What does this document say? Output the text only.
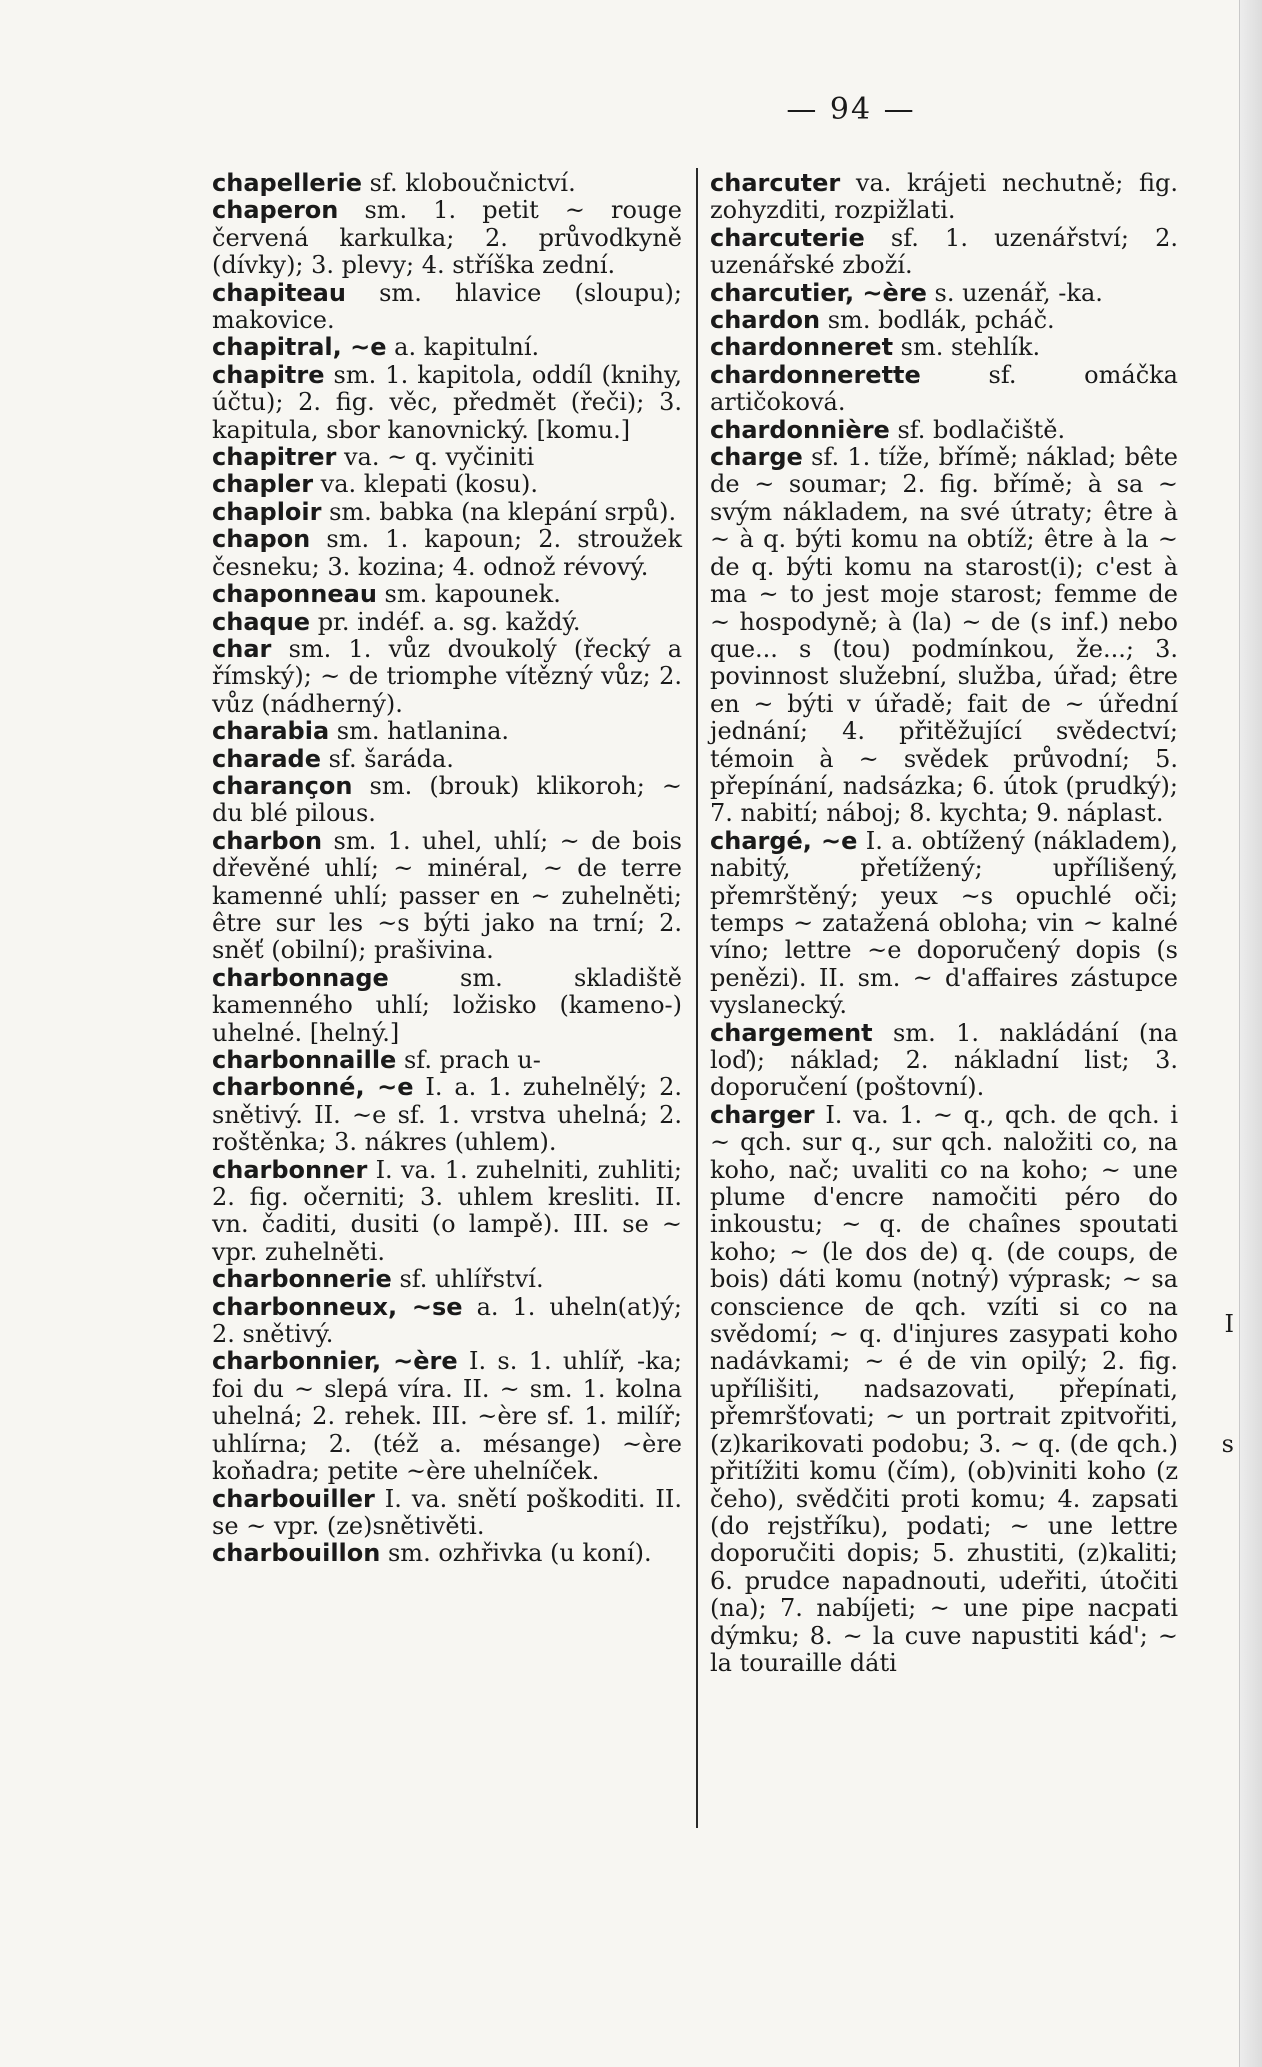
— 94 —

chapellerie sf. kloboučnictví.

chaperon sm. 1. petit ~ rouge červená karkulka; 2. průvodkyně (dívky); 3. plevy; 4. stříška zední.

chapiteau sm. hlavice (sloupu); makovice.

chapitral, ~e a. kapitulní.

chapitre sm. 1. kapitola, oddíl (knihy, účtu); 2. fig. věc, předmět (řeči); 3. kapitula, sbor kanovnický. [komu.]

chapitrer va. ~ q. vyčiniti

chapler va. klepati (kosu).

chaploir sm. babka (na klepání srpů).

chapon sm. 1. kapoun; 2. stroužek česneku; 3. kozina; 4. odnož révový.

chaponneau sm. kapounek.

chaque pr. indéf. a. sg. každý.

char sm. 1. vůz dvoukolý (řecký a římský); ~ de triomphe vítězný vůz; 2. vůz (nádherný).

charabia sm. hatlanina.

charade sf. šaráda.

charançon sm. (brouk) klikoroh; ~ du blé pilous.

charbon sm. 1. uhel, uhlí; ~ de bois dřevěné uhlí; ~ minéral, ~ de terre kamenné uhlí; passer en ~ zuhelněti; être sur les ~s býti jako na trní; 2. sněť (obilní); prašivina.

charbonnage sm. skladiště kamenného uhlí; ložisko (kameno-) uhelné. [helný.]

charbonnaille sf. prach u-

charbonné, ~e I. a. 1. zuhelnělý; 2. snětivý. II. ~e sf. 1. vrstva uhelná; 2. roštěnka; 3. nákres (uhlem).

charbonner I. va. 1. zuhelniti, zuhliti; 2. fig. očerniti; 3. uhlem kresliti. II. vn. čaditi, dusiti (o lampě). III. se ~ vpr. zuhelněti.

charbonnerie sf. uhlířství.

charbonneux, ~se a. 1. uheln(at)ý; 2. snětivý.

charbonnier, ~ère I. s. 1. uhlíř, -ka; foi du ~ slepá víra. II. ~ sm. 1. kolna uhelná; 2. rehek. III. ~ère sf. 1. milíř; uhlírna; 2. (též a. mésange) ~ère koňadra; petite ~ère uhelníček.

charbouiller I. va. snětí poškoditi. II. se ~ vpr. (ze)snětivěti.

charbouillon sm. ozhřivka (u koní).

charcuter va. krájeti nechutně; fig. zohyzditi, rozpižlati.

charcuterie sf. 1. uzenářství; 2. uzenářské zboží.

charcutier, ~ère s. uzenář, -ka.

chardon sm. bodlák, pcháč.

chardonneret sm. stehlík.

chardonnerette sf. omáčka artičoková.

chardonnière sf. bodlačiště.

charge sf. 1. tíže, břímě; náklad; bête de ~ soumar; 2. fig. břímě; à sa ~ svým nákladem, na své útraty; être à ~ à q. býti komu na obtíž; être à la ~ de q. býti komu na starost(i); c'est à ma ~ to jest moje starost; femme de ~ hospodyně; à (la) ~ de (s inf.) nebo que... s (tou) podmínkou, že...; 3. povinnost služební, služba, úřad; être en ~ býti v úřadě; fait de ~ úřední jednání; 4. přitěžující svědectví; témoin à ~ svědek průvodní; 5. přepínání, nadsázka; 6. útok (prudký); 7. nabití; náboj; 8. kychta; 9. náplast.

chargé, ~e I. a. obtížený (nákladem), nabitý, přetížený; upřílišený, přemrštěný; yeux ~s opuchlé oči; temps ~ zatažená obloha; vin ~ kalné víno; lettre ~e doporučený dopis (s penězi). II. sm. ~ d'affaires zástupce vyslanecký.

chargement sm. 1. nakládání (na loď); náklad; 2. nákladní list; 3. doporučení (poštovní).

charger I. va. 1. ~ q., qch. de qch. i ~ qch. sur q., sur qch. naložiti co, na koho, nač; uvaliti co na koho; ~ une plume d'encre namočiti péro do inkoustu; ~ q. de chaînes spoutati koho; ~ (le dos de) q. (de coups, de bois) dáti komu (notný) výprask; ~ sa conscience de qch. vzíti si co na svědomí; ~ q. d'injures zasypati koho nadávkami; ~ é de vin opilý; 2. fig. upřílišiti, nadsazovati, přepínati, přemršťovati; ~ un portrait zpitvořiti, (z)karikovati podobu; 3. ~ q. (de qch.) přitížiti komu (čím), (ob)viniti koho (z čeho), svědčiti proti komu; 4. zapsati (do rejstříku), podati; ~ une lettre doporučiti dopis; 5. zhustiti, (z)kaliti; 6. prudce napadnouti, udeřiti, útočiti (na); 7. nabíjeti; ~ une pipe nacpati dýmku; 8. ~ la cuve napustiti kád'; ~ la touraille dáti

I
s
